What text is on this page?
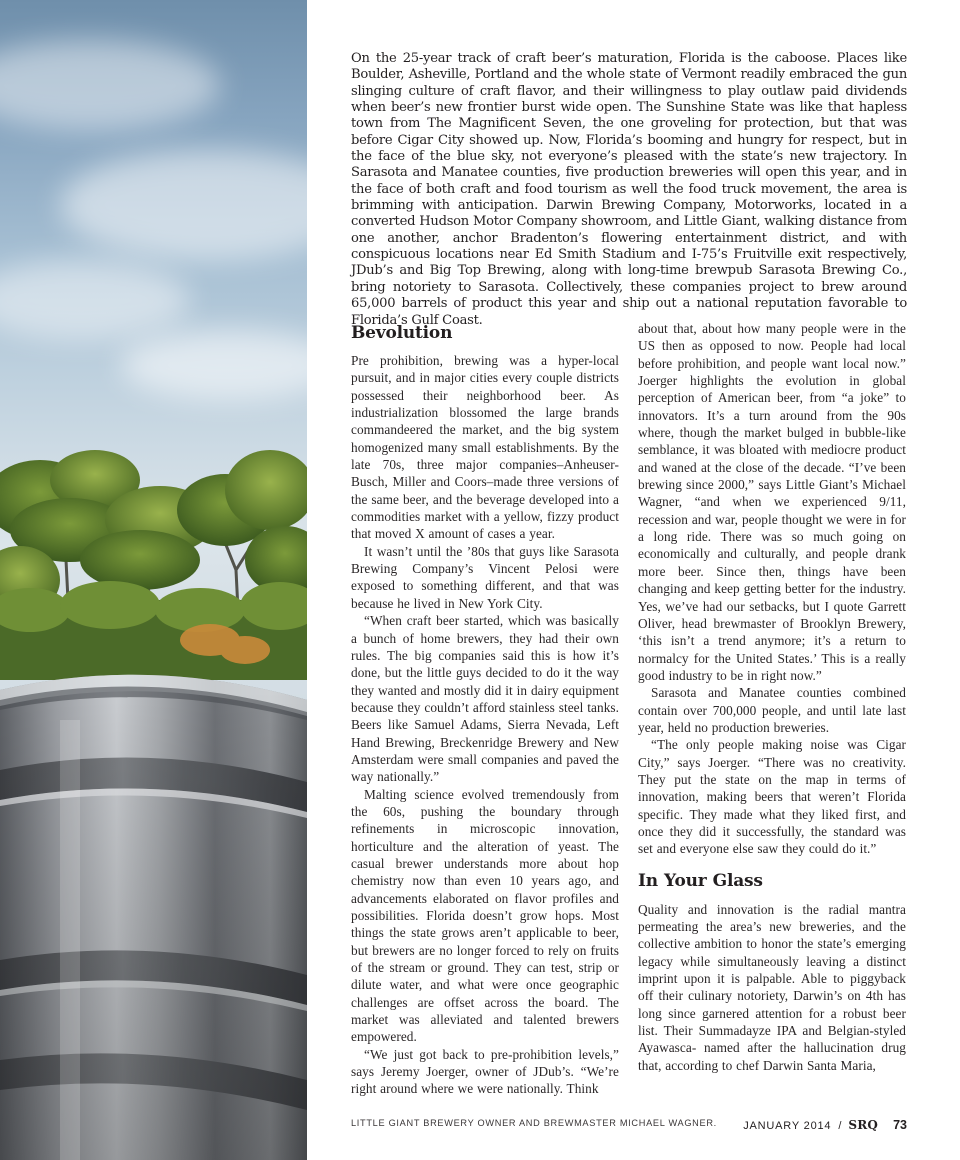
On the 25-year track of craft beer’s maturation, Florida is the caboose. Places like Boulder, Asheville, Portland and the whole state of Vermont readily embraced the gun slinging culture of craft flavor, and their willingness to play outlaw paid dividends when beer’s new frontier burst wide open. The Sunshine State was like that hapless town from The Magnificent Seven, the one groveling for protection, but that was before Cigar City showed up. Now, Florida’s booming and hungry for respect, but in the face of the blue sky, not everyone’s pleased with the state’s new trajectory. In Sarasota and Manatee counties, five production breweries will open this year, and in the face of both craft and food tourism as well the food truck movement, the area is brimming with anticipation. Darwin Brewing Company, Motorworks, located in a converted Hudson Motor Company showroom, and Little Giant, walking distance from one another, anchor Bradenton’s flowering entertainment district, and with conspicuous locations near Ed Smith Stadium and I-75’s Fruitville exit respectively, JDub’s and Big Top Brewing, along with long-time brewpub Sarasota Brewing Co., bring notoriety to Sarasota. Collectively, these companies project to brew around 65,000 barrels of product this year and ship out a national reputation favorable to Florida’s Gulf Coast.

Bevolution

Pre prohibition, brewing was a hyper-local pursuit, and in major cities every couple districts possessed their neighborhood beer. As industrialization blossomed the large brands commandeered the market, and the big system homogenized many small establishments. By the late 70s, three major companies–Anheuser-Busch, Miller and Coors–made three versions of the same beer, and the beverage developed into a commodities market with a yellow, fizzy product that moved X amount of cases a year.

It wasn’t until the ’80s that guys like Sarasota Brewing Company’s Vincent Pelosi were exposed to something different, and that was because he lived in New York City.

“When craft beer started, which was basically a bunch of home brewers, they had their own rules. The big companies said this is how it’s done, but the little guys decided to do it the way they wanted and mostly did it in dairy equipment because they couldn’t afford stainless steel tanks. Beers like Samuel Adams, Sierra Nevada, Left Hand Brewing, Breckenridge Brewery and New Amsterdam were small companies and paved the way nationally.”

Malting science evolved tremendously from the 60s, pushing the boundary through refinements in microscopic innovation, horticulture and the alteration of yeast. The casual brewer understands more about hop chemistry now than even 10 years ago, and advancements elaborated on flavor profiles and possibilities. Florida doesn’t grow hops. Most things the state grows aren’t applicable to beer, but brewers are no longer forced to rely on fruits of the stream or ground. They can test, strip or dilute water, and what were once geographic challenges are offset across the board. The market was alleviated and talented brewers empowered.

“We just got back to pre-prohibition levels,” says Jeremy Joerger, owner of JDub’s. “We’re right around where we were nationally. Think

about that, about how many people were in the US then as opposed to now. People had local before prohibition, and people want local now.” Joerger highlights the evolution in global perception of American beer, from “a joke” to innovators. It’s a turn around from the 90s where, though the market bulged in bubble-like semblance, it was bloated with mediocre product and waned at the close of the decade. “I’ve been brewing since 2000,” says Little Giant’s Michael Wagner, “and when we experienced 9/11, recession and war, people thought we were in for a long ride. There was so much going on economically and culturally, and people drank more beer. Since then, things have been changing and keep getting better for the industry. Yes, we’ve had our setbacks, but I quote Garrett Oliver, head brewmaster of Brooklyn Brewery, ‘this isn’t a trend anymore; it’s a return to normalcy for the United States.’ This is a really good industry to be in right now.”

Sarasota and Manatee counties combined contain over 700,000 people, and until late last year, held no production breweries.

“The only people making noise was Cigar City,” says Joerger. “There was no creativity. They put the state on the map in terms of innovation, making beers that weren’t Florida specific. They made what they liked first, and once they did it successfully, the standard was set and everyone else saw they could do it.”

In Your Glass

Quality and innovation is the radial mantra permeating the area’s new breweries, and the collective ambition to honor the state’s emerging legacy while simultaneously leaving a distinct imprint upon it is palpable. Able to piggyback off their culinary notoriety, Darwin’s on 4th has long since garnered attention for a robust beer list. Their Summadayze IPA and Belgian-styled Ayawasca- named after the hallucination drug that, according to chef Darwin Santa Maria,

LITTLE GIANT BREWERY OWNER AND BREWMASTER MICHAEL WAGNER. JANUARY 2014 / SRQ 73
